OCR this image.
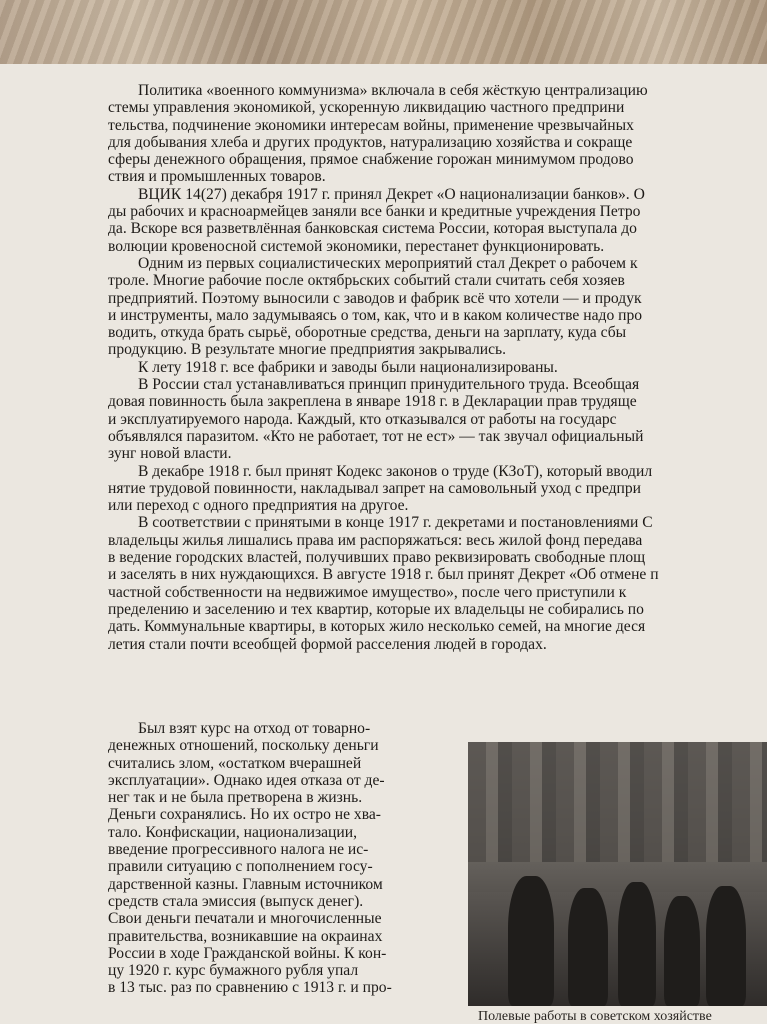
Политика «военного коммунизма» включала в себя жёсткую централизацию
стемы управления экономикой, ускоренную ликвидацию частного предприни
тельства, подчинение экономики интересам войны, применение чрезвычайных
для добывания хлеба и других продуктов, натурализацию хозяйства и сокраще
сферы денежного обращения, прямое снабжение горожан минимумом продово
ствия и промышленных товаров.

ВЦИК 14(27) декабря 1917 г. принял Декрет «О национализации банков». О
ды рабочих и красноармейцев заняли все банки и кредитные учреждения Петро
да. Вскоре вся разветвлённая банковская система России, которая выступала до
волюции кровеносной системой экономики, перестанет функционировать.

Одним из первых социалистических мероприятий стал Декрет о рабочем к
троле. Многие рабочие после октябрьских событий стали считать себя хозяев
предприятий. Поэтому выносили с заводов и фабрик всё что хотели — и продук
и инструменты, мало задумываясь о том, как, что и в каком количестве надо про
водить, откуда брать сырьё, оборотные средства, деньги на зарплату, куда сбы
продукцию. В результате многие предприятия закрывались.

К лету 1918 г. все фабрики и заводы были национализированы.

В России стал устанавливаться принцип принудительного труда. Всеобщая
довая повинность была закреплена в январе 1918 г. в Декларации прав трудяще
и эксплуатируемого народа. Каждый, кто отказывался от работы на государс
объявлялся паразитом. «Кто не работает, тот не ест» — так звучал официальный
зунг новой власти.

В декабре 1918 г. был принят Кодекс законов о труде (КЗоТ), который вводил
нятие трудовой повинности, накладывал запрет на самовольный уход с предпри
или переход с одного предприятия на другое.

В соответствии с принятыми в конце 1917 г. декретами и постановлениями С
владельцы жилья лишались права им распоряжаться: весь жилой фонд передава
в ведение городских властей, получивших право реквизировать свободные площ
и заселять в них нуждающихся. В августе 1918 г. был принят Декрет «Об отмене п
частной собственности на недвижимое имущество», после чего приступили к
пределению и заселению и тех квартир, которые их владельцы не собирались по
дать. Коммунальные квартиры, в которых жило несколько семей, на многие деся
летия стали почти всеобщей формой расселения людей в городах.

Был взят курс на отход от товарно-
денежных отношений, поскольку деньги
считались злом, «остатком вчерашней
эксплуатации». Однако идея отказа от де-
нег так и не была претворена в жизнь.
Деньги сохранялись. Но их остро не хва-
тало. Конфискации, национализации,
введение прогрессивного налога не ис-
правили ситуацию с пополнением госу-
дарственной казны. Главным источником
средств стала эмиссия (выпуск денег).
Свои деньги печатали и многочисленные
правительства, возникавшие на окраинах
России в ходе Гражданской войны. К кон-
цу 1920 г. курс бумажного рубля упал
в 13 тыс. раз по сравнению с 1913 г. и про-
Полевые работы в советском хозяйстве
